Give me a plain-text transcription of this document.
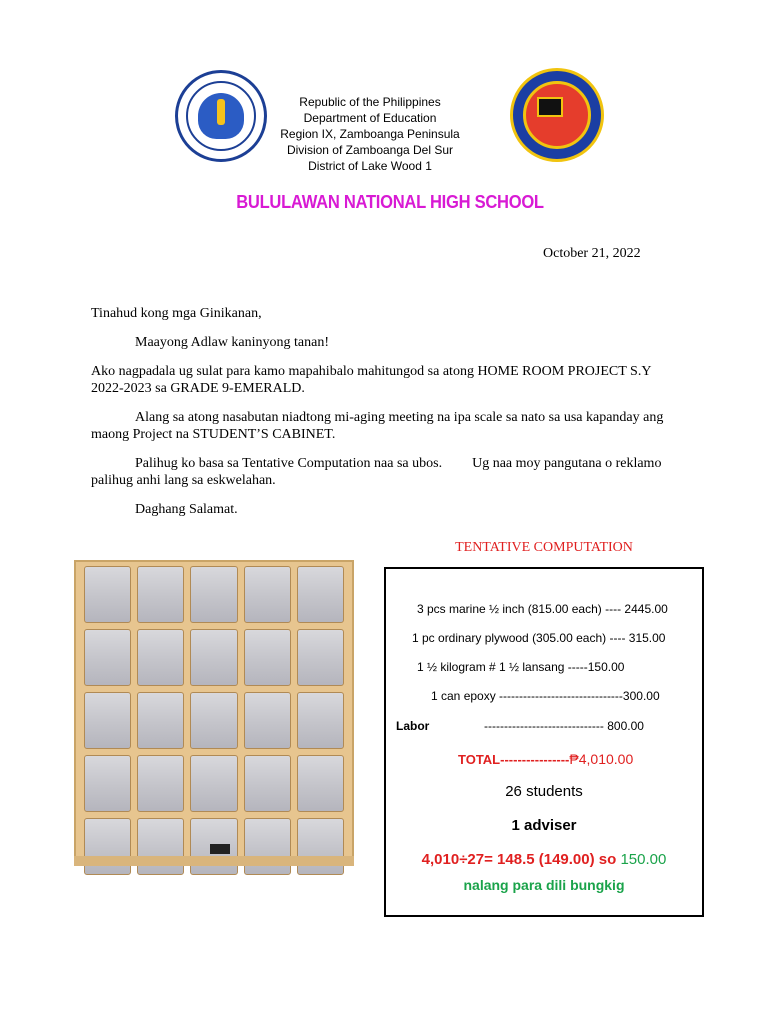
Republic of the Philippines
Department of Education
Region IX, Zamboanga Peninsula
Division of Zamboanga Del Sur
District of Lake Wood 1
BULULAWAN NATIONAL HIGH SCHOOL
October 21, 2022

Tinahud kong mga Ginikanan,

Maayong Adlaw kaninyong tanan!

Ako nagpadala ug sulat para kamo mapahibalo mahitungod sa atong HOME ROOM PROJECT S.Y 2022-2023 sa GRADE 9-EMERALD.

Alang sa atong nasabutan niadtong mi-aging meeting na ipa scale sa nato sa usa kapanday ang maong Project na STUDENT’S CABINET.

Palihug ko basa sa Tentative Computation naa sa ubos. Ug naa moy pangutana o reklamo palihug anhi lang sa eskwelahan.

Daghang Salamat.

TENTATIVE COMPUTATION
3 pcs marine ½ inch (815.00 each) ---- 2445.00
1 pc ordinary plywood (305.00 each) ---- 315.00
1 ½ kilogram # 1 ½ lansang -----150.00
1 can epoxy -------------------------------300.00
Labor	------------------------------ 800.00
TOTAL----------------₱4,010.00
26 students
1 adviser
4,010÷27= 148.5 (149.00) so 150.00
nalang para dili bungkig
